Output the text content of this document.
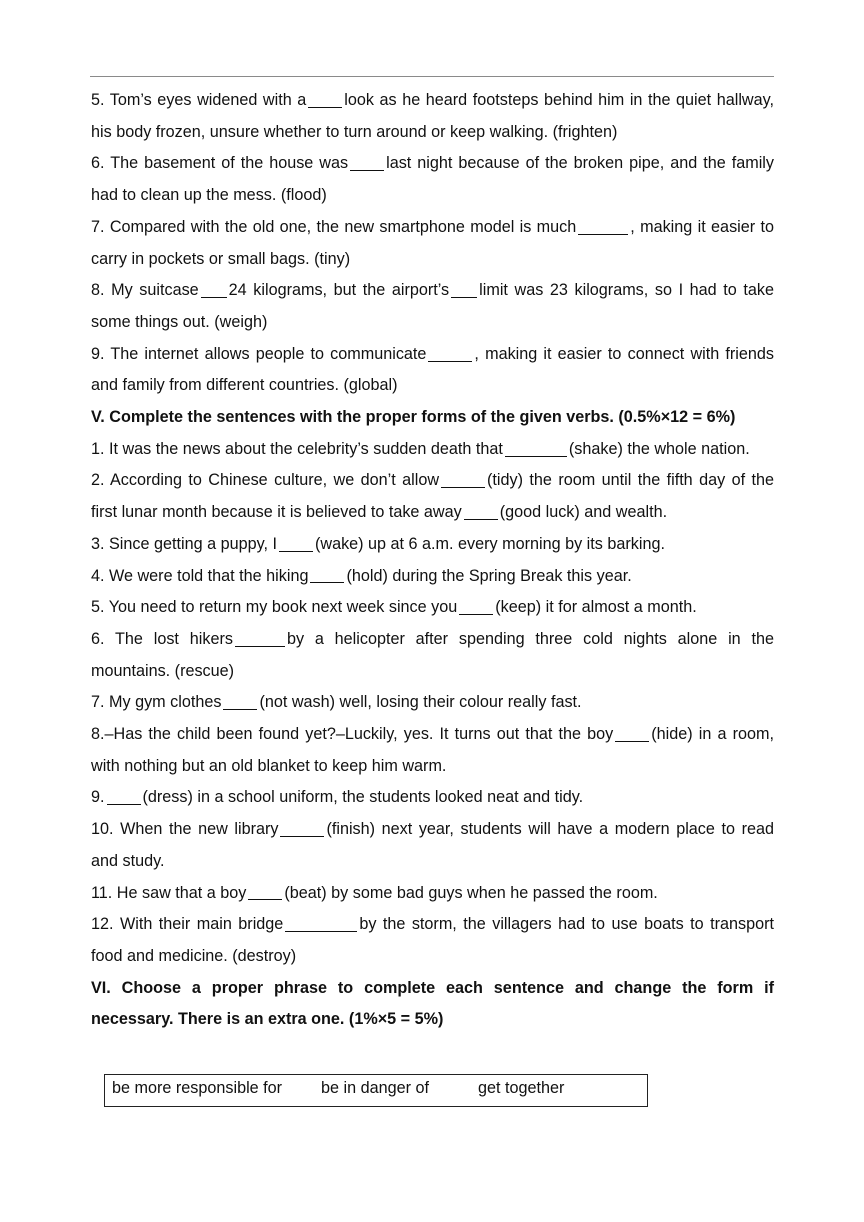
5. Tom’s eyes widened with a look as he heard footsteps behind him in the quiet hallway, his body frozen, unsure whether to turn around or keep walking. (frighten)

6. The basement of the house was last night because of the broken pipe, and the family had to clean up the mess. (flood)

7. Compared with the old one, the new smartphone model is much	, making it easier to carry in pockets or small bags. (tiny)

8. My suitcase 24 kilograms, but the airport’s limit was 23 kilograms, so I had to take some things out. (weigh)

9. The internet allows people to communicate	, making it easier to connect with friends and family from different countries. (global)

V. Complete the sentences with the proper forms of the given verbs. (0.5%×12 = 6%)

1. It was the news about the celebrity’s sudden death that	(shake) the whole nation.

2. According to Chinese culture, we don’t allow	(tidy) the room until the fifth day of the first lunar month because it is believed to take away (good luck) and wealth.

3. Since getting a puppy, I (wake) up at 6 a.m. every morning by its barking.

4. We were told that the hiking (hold) during the Spring Break this year.

5. You need to return my book next week since you (keep) it for almost a month.

6. The lost hikers	by a helicopter after spending three cold nights alone in the mountains. (rescue)

7. My gym clothes (not wash) well, losing their colour really fast.

8.–Has the child been found yet?–Luckily, yes. It turns out that the boy (hide) in a room, with nothing but an old blanket to keep him warm.

9. (dress) in a school uniform, the students looked neat and tidy.

10. When the new library	(finish) next year, students will have a modern place to read and study.

11. He saw that a boy (beat) by some bad guys when he passed the room.

12. With their main bridge	by the storm, the villagers had to use boats to transport food and medicine. (destroy)

VI. Choose a proper phrase to complete each sentence and change the form if necessary. There is an extra one. (1%×5 = 5%)

be more responsible for be in danger of	get together
